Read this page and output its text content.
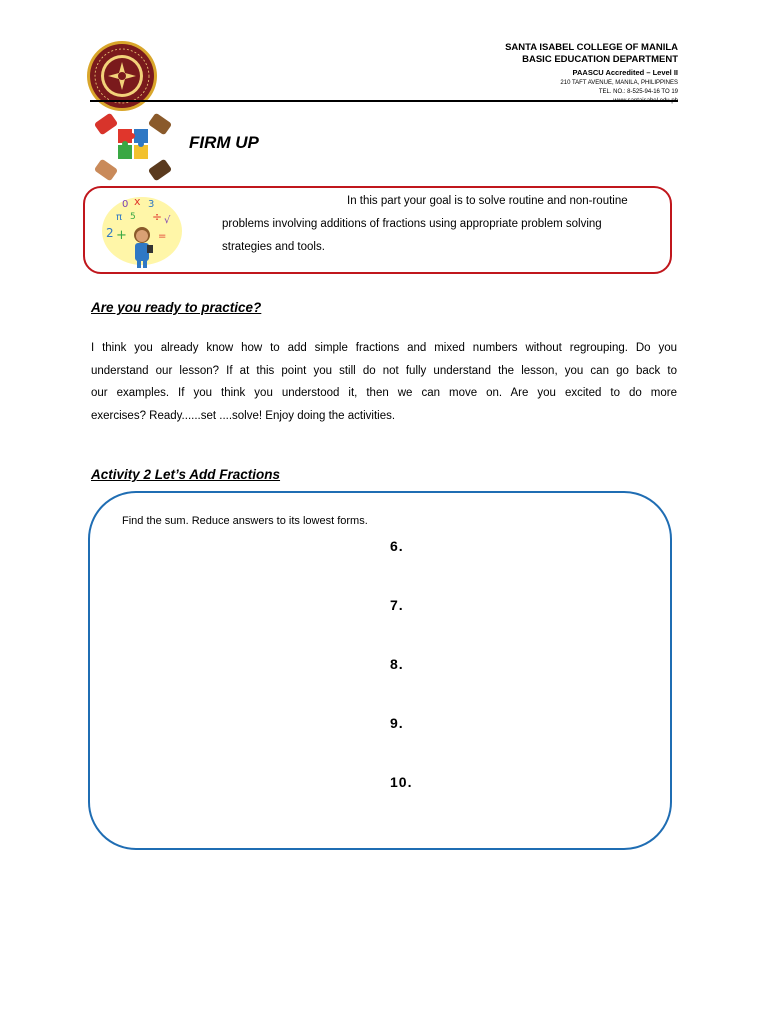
SANTA ISABEL COLLEGE OF MANILA
BASIC EDUCATION DEPARTMENT
PAASCU Accredited – Level II
210 TAFT AVENUE, MANILA, PHILIPPINES
TEL. NO.: 8-525-94-16 TO 19
FIRM UP
0 x 3
π 5 ÷ √
2 +	=
In this part your goal is to solve routine and non-routine
problems involving additions of fractions using appropriate problem solving
strategies and tools.
Are you ready to practice?
I think you already know how to add simple fractions and mixed numbers without regrouping. Do you
understand our lesson? If at this point you still do not fully understand the lesson, you can go back to
our examples. If you think you understood it, then we can move on. Are you excited to do more
exercises? Ready......set ....solve! Enjoy doing the activities.
Activity 2 Let’s Add Fractions
Find the sum. Reduce answers to its lowest forms.
6.
7.
8.
9.
10.
